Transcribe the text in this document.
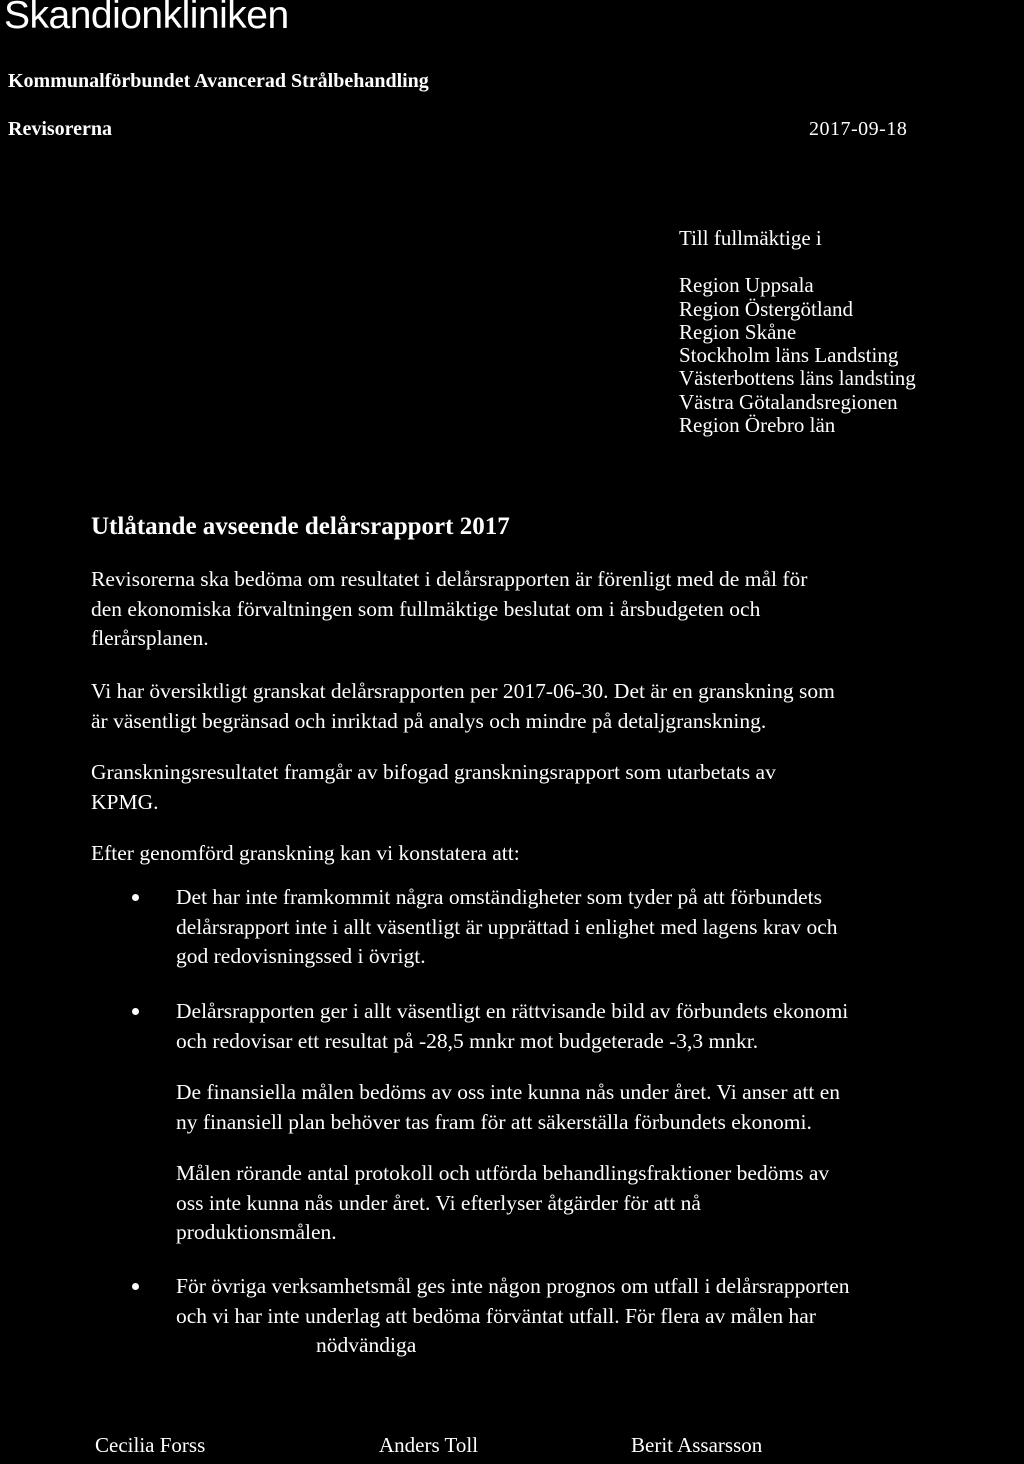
Skandionkliniken
Kommunalförbundet Avancerad Strålbehandling
Revisorerna	2017-09-18
Till fullmäktige i
Region Uppsala
Region Östergötland
Region Skåne
Stockholm läns Landsting
Västerbottens läns landsting
Västra Götalandsregionen
Region Örebro län
Utlåtande avseende delårsrapport 2017
Revisorerna ska bedöma om resultatet i delårsrapporten är förenligt med de mål för
den ekonomiska förvaltningen som fullmäktige beslutat om i årsbudgeten och
flerårsplanen.
Vi har översiktligt granskat delårsrapporten per 2017-06-30. Det är en granskning som
är väsentligt begränsad och inriktad på analys och mindre på detaljgranskning.
Granskningsresultatet framgår av bifogad granskningsrapport som utarbetats av
KPMG.
Efter genomförd granskning kan vi konstatera att:
Det har inte framkommit några omständigheter som tyder på att förbundets
delårsrapport inte i allt väsentligt är upprättad i enlighet med lagens krav och
god redovisningssed i övrigt.
Delårsrapporten ger i allt väsentligt en rättvisande bild av förbundets ekonomi
och redovisar ett resultat på -28,5 mnkr mot budgeterade -3,3 mnkr.
De finansiella målen bedöms av oss inte kunna nås under året. Vi anser att en
ny finansiell plan behöver tas fram för att säkerställa förbundets ekonomi.
Målen rörande antal protokoll och utförda behandlingsfraktioner bedöms av
oss inte kunna nås under året. Vi efterlyser åtgärder för att nå
produktionsmålen.
För övriga verksamhetsmål ges inte någon prognos om utfall i delårsrapporten
och vi har inte underlag att bedöma förväntat utfall. För flera av målen har
nödvändiga
Cecilia Forss	Anders Toll	Berit Assarsson
